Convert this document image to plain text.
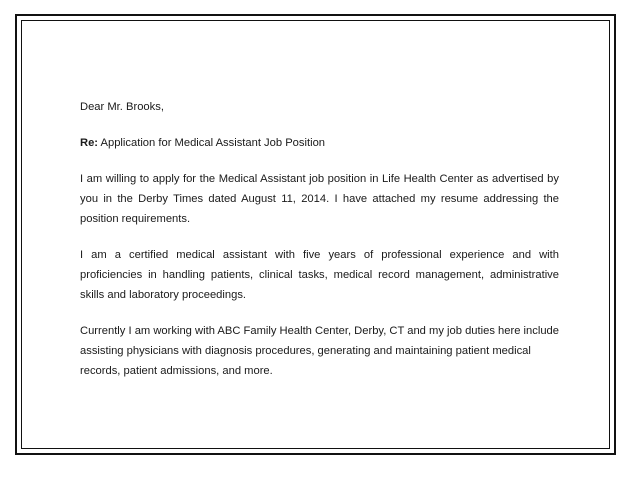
Dear Mr. Brooks,

Re: Application for Medical Assistant Job Position

I am willing to apply for the Medical Assistant job position in Life Health Center as advertised by you in the Derby Times dated August 11, 2014. I have attached my resume addressing the position requirements.

I am a certified medical assistant with five years of professional experience and with proficiencies in handling patients, clinical tasks, medical record management, administrative skills and laboratory proceedings.

Currently I am working with ABC Family Health Center, Derby, CT and my job duties here include assisting physicians with diagnosis procedures, generating and maintaining patient medical records, patient admissions, and more.
